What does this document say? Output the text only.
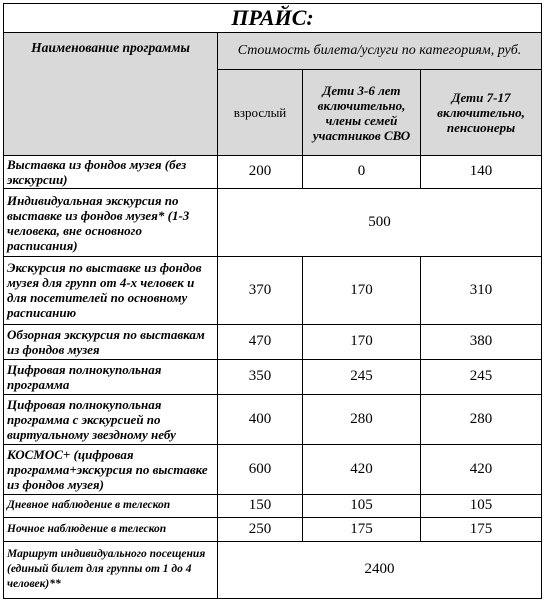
ПРАЙС:			
Наименование программы	Стоимость билета/услуги по категориям, руб.		
	взрослый	Дети 3-6 лет включительно, члены семей участников СВО	Дети 7-17 включительно, пенсионеры
Выставка из фондов музея (без экскурсии)	200	0	140
Индивидуальная экскурсия по выставке из фондов музея* (1-3 человека, вне основного расписания)	500		
Экскурсия по выставке из фондов музея для групп от 4-х человек и для посетителей по основному расписанию	370	170	310
Обзорная экскурсия по выставкам из фондов музея	470	170	380
Цифровая полнокупольная программа	350	245	245
Цифровая полнокупольная программа с экскурсией по виртуальному звездному небу	400	280	280
КОСМОС+ (цифровая программа+экскурсия по выставке из фондов музея)	600	420	420
Дневное наблюдение в телескоп	150	105	105
Ночное наблюдение в телескоп	250	175	175
Маршрут индивидуального посещения (единый билет для группы от 1 до 4 человек)**	2400		
